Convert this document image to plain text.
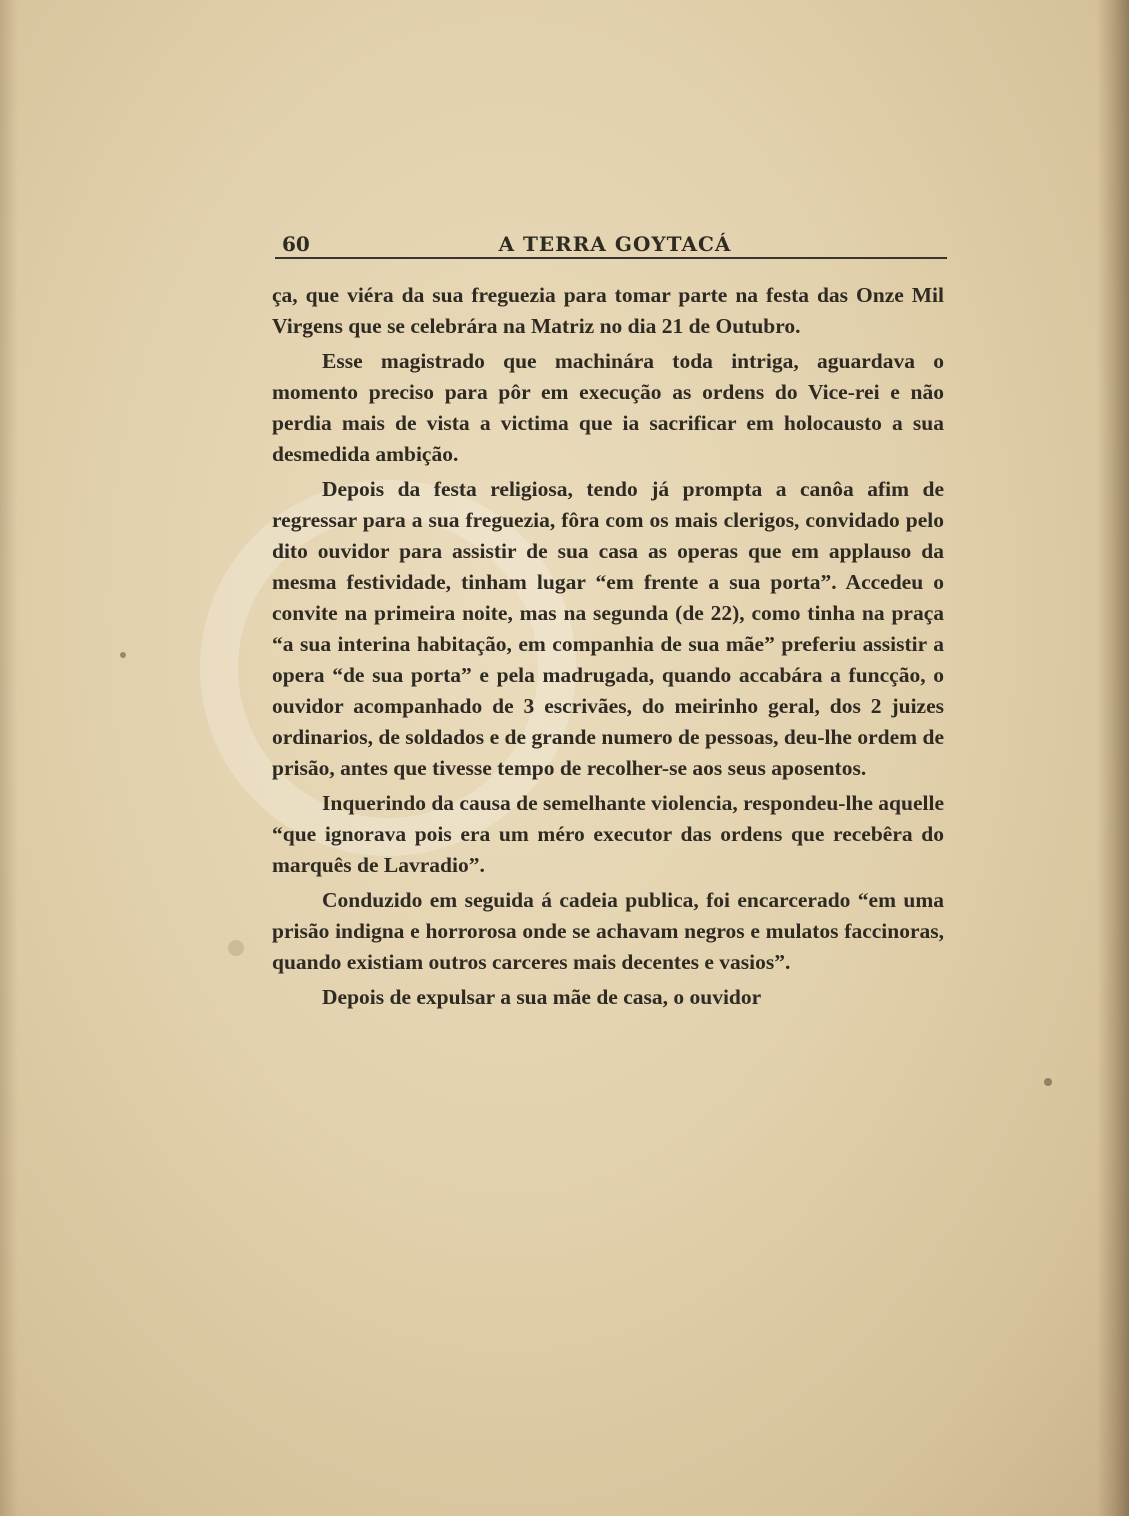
60	A TERRA GOYTACÁ

ça, que viéra da sua freguezia para tomar parte na festa das Onze Mil Virgens que se celebrára na Matriz no dia 21 de Outubro.

Esse magistrado que machinára toda intriga, aguardava o momento preciso para pôr em execução as ordens do Vice-rei e não perdia mais de vista a victima que ia sacrificar em holocausto a sua desmedida ambição.

Depois da festa religiosa, tendo já prompta a canôa afim de regressar para a sua freguezia, fôra com os mais clerigos, convidado pelo dito ouvidor para assistir de sua casa as operas que em applauso da mesma festividade, tinham lugar “em frente a sua porta”. Accedeu o convite na primeira noite, mas na segunda (de 22), como tinha na praça “a sua interina habitação, em companhia de sua mãe” preferiu assistir a opera “de sua porta” e pela madrugada, quando accabára a funcção, o ouvidor acompanhado de 3 escrivães, do meirinho geral, dos 2 juizes ordinarios, de soldados e de grande numero de pessoas, deu-lhe ordem de prisão, antes que tivesse tempo de recolher-se aos seus aposentos.

Inquerindo da causa de semelhante violencia, respondeu-lhe aquelle “que ignorava pois era um méro executor das ordens que recebêra do marquês de Lavradio”.

Conduzido em seguida á cadeia publica, foi encarcerado “em uma prisão indigna e horrorosa onde se achavam negros e mulatos faccinoras, quando existiam outros carceres mais decentes e vasios”.

Depois de expulsar a sua mãe de casa, o ouvidor
